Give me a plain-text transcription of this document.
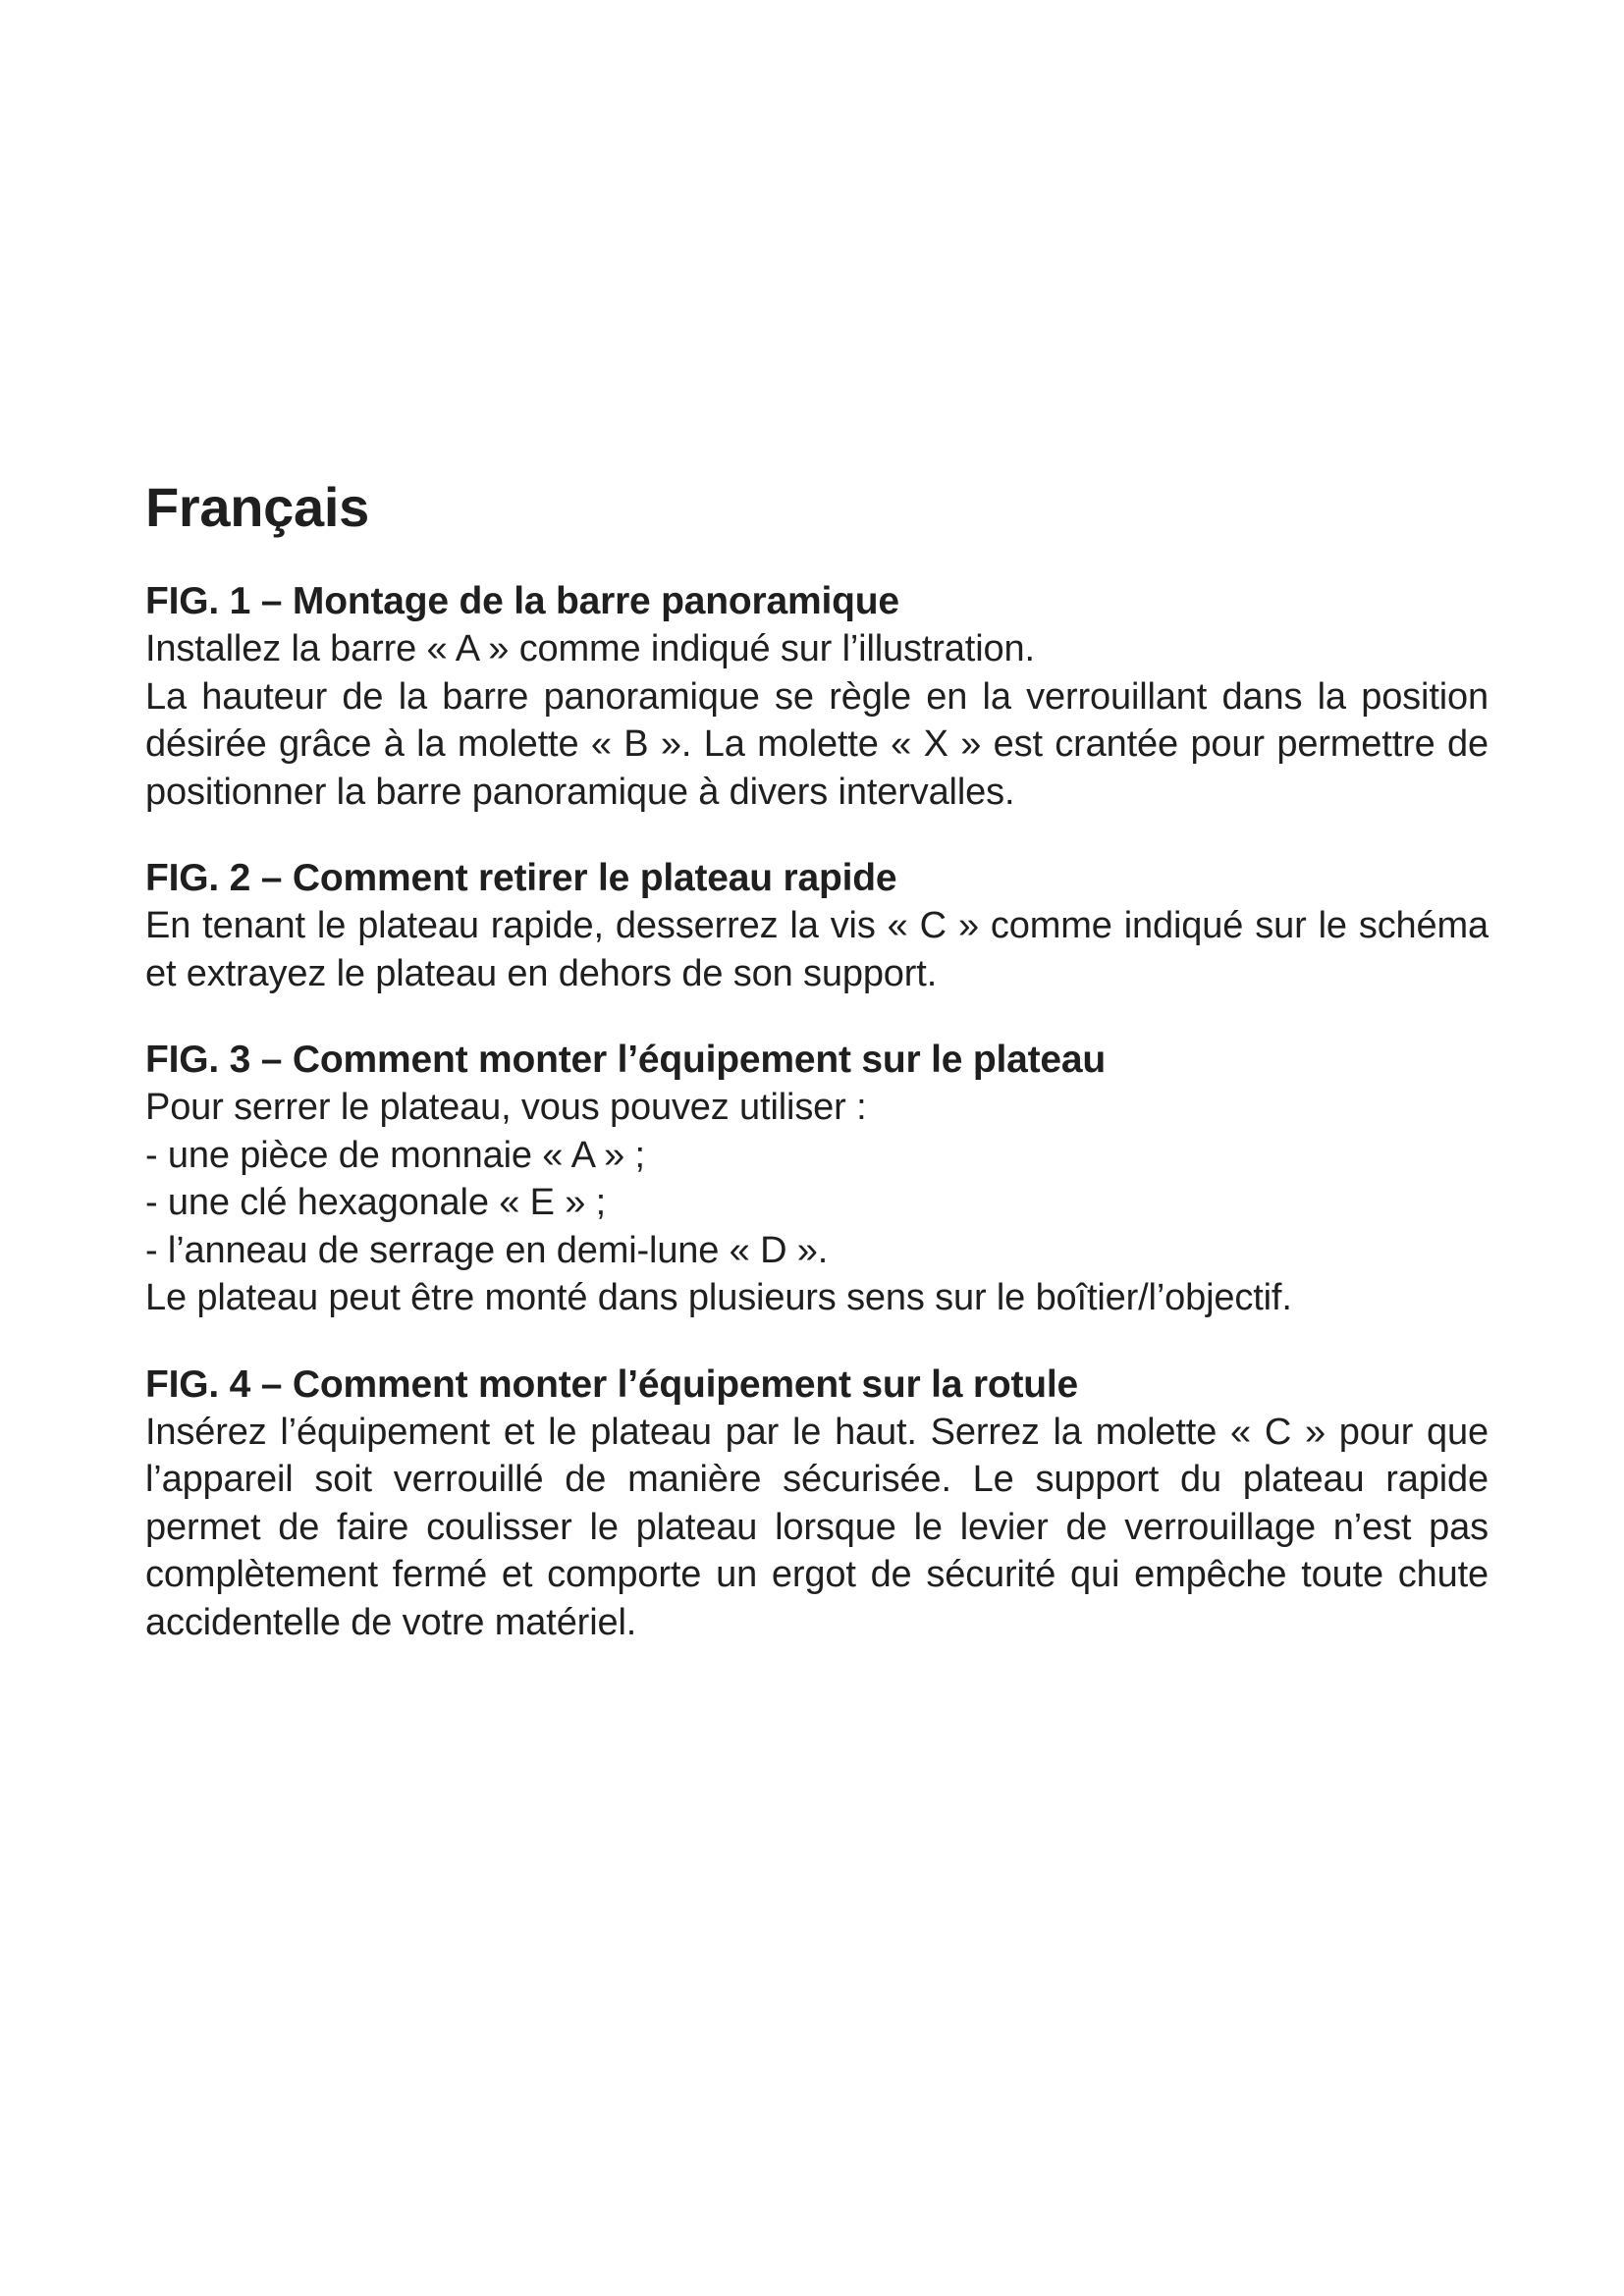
Français
FIG. 1 – Montage de la barre panoramique

Installez la barre « A » comme indiqué sur l’illustration.

La hauteur de la barre panoramique se règle en la verrouillant dans la position désirée grâce à la molette « B ». La molette « X » est crantée pour permettre de positionner la barre panoramique à divers intervalles.

FIG. 2 – Comment retirer le plateau rapide

En tenant le plateau rapide, desserrez la vis « C » comme indiqué sur le schéma et extrayez le plateau en dehors de son support.

FIG. 3 – Comment monter l’équipement sur le plateau

Pour serrer le plateau, vous pouvez utiliser :

- une pièce de monnaie « A » ;

- une clé hexagonale « E » ;

- l’anneau de serrage en demi-lune « D ».

Le plateau peut être monté dans plusieurs sens sur le boîtier/l’objectif.

FIG. 4 – Comment monter l’équipement sur la rotule

Insérez l’équipement et le plateau par le haut. Serrez la molette « C » pour que l’appareil soit verrouillé de manière sécurisée. Le support du plateau rapide permet de faire coulisser le plateau lorsque le levier de verrouillage n’est pas complètement fermé et comporte un ergot de sécurité qui empêche toute chute accidentelle de votre matériel.
